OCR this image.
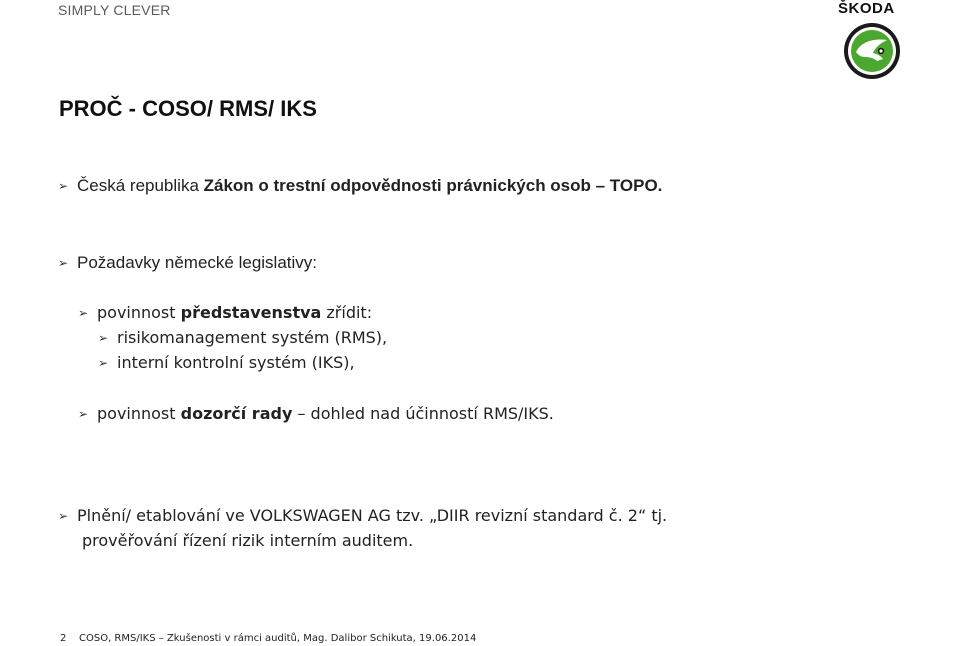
SIMPLY CLEVER	ŠKODA
PROČ - COSO/ RMS/ IKS
➢ Česká republika Zákon o trestní odpovědnosti právnických osob – TOPO.
➢ Požadavky německé legislativy:
➢ povinnost představenstva zřídit:
➢ risikomanagement systém (RMS),
➢ interní kontrolní systém (IKS),
➢ povinnost dozorčí rady – dohled nad účinností RMS/IKS.
➢ Plnění/ etablování ve VOLKSWAGEN AG tzv. „DIIR revizní standard č. 2“ tj.
prověřování řízení rizik interním auditem.
2 COSO, RMS/IKS – Zkušenosti v rámci auditů, Mag. Dalibor Schikuta, 19.06.2014
